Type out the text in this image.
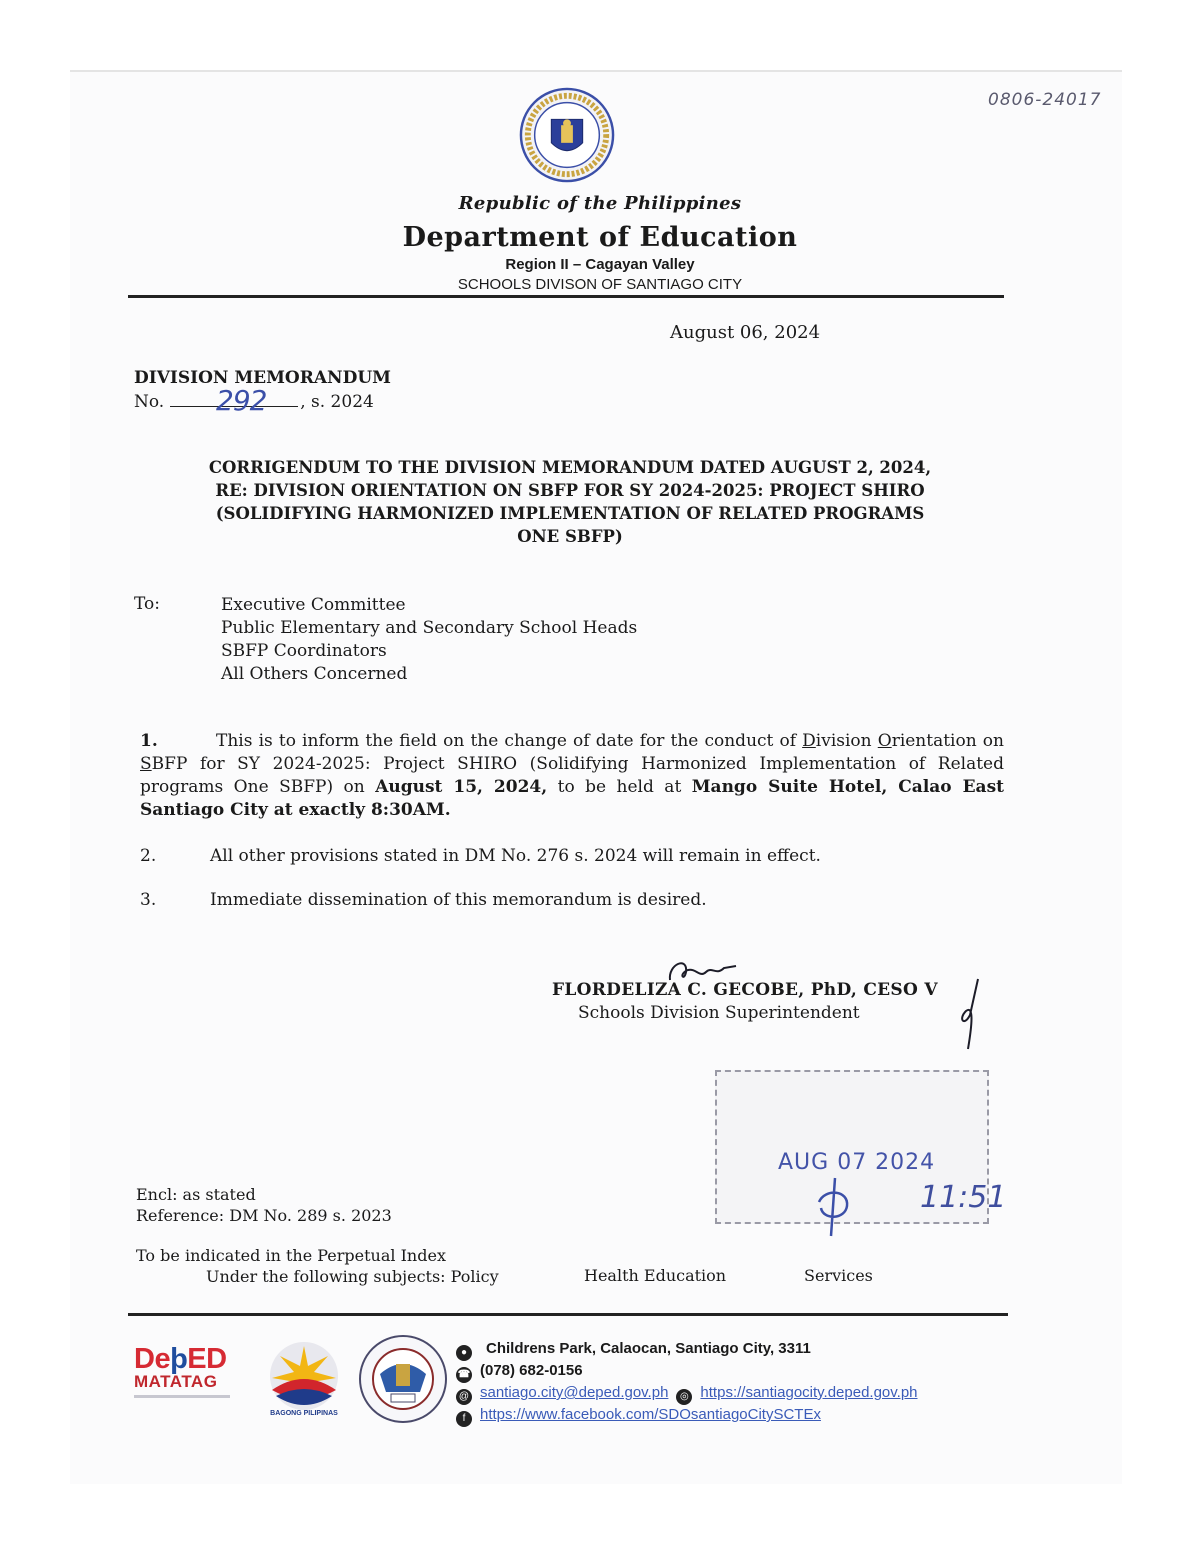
0806-24017
Republic of the Philippines
Department of Education
Region II – Cagayan Valley
SCHOOLS DIVISON OF SANTIAGO CITY
August 06, 2024
DIVISION MEMORANDUM
No.	, s. 2024
292
CORRIGENDUM TO THE DIVISION MEMORANDUM DATED AUGUST 2, 2024,
RE: DIVISION ORIENTATION ON SBFP FOR SY 2024-2025: PROJECT SHIRO
(SOLIDIFYING HARMONIZED IMPLEMENTATION OF RELATED PROGRAMS
ONE SBFP)
To:	Executive Committee
Public Elementary and Secondary School Heads
SBFP Coordinators
All Others Concerned
1.	This is to inform the field on the change of date for the conduct of Division Orientation on SBFP for SY 2024-2025: Project SHIRO (Solidifying Harmonized Implementation of Related programs One SBFP) on August 15, 2024, to be held at Mango Suite Hotel, Calao East Santiago City at exactly 8:30AM.
2.	All other provisions stated in DM No. 276 s. 2024 will remain in effect.
3.	Immediate dissemination of this memorandum is desired.
FLORDELIZA C. GECOBE, PhD, CESO V
Schools Division Superintendent
AUG 07 2024
11:51
Encl: as stated
Reference: DM No. 289 s. 2023
To be indicated in the Perpetual Index
Under the following subjects: Policy	Health Education	Services
DeþED
MATATAG
BAGONG PILIPINAS
● Childrens Park, Calaocan, Santiago City, 3311
☎ (078) 682-0156
@ santiago.city@deped.gov.ph ◎ https://santiagocity.deped.gov.ph
f https://www.facebook.com/SDOsantiagoCitySCTEx
